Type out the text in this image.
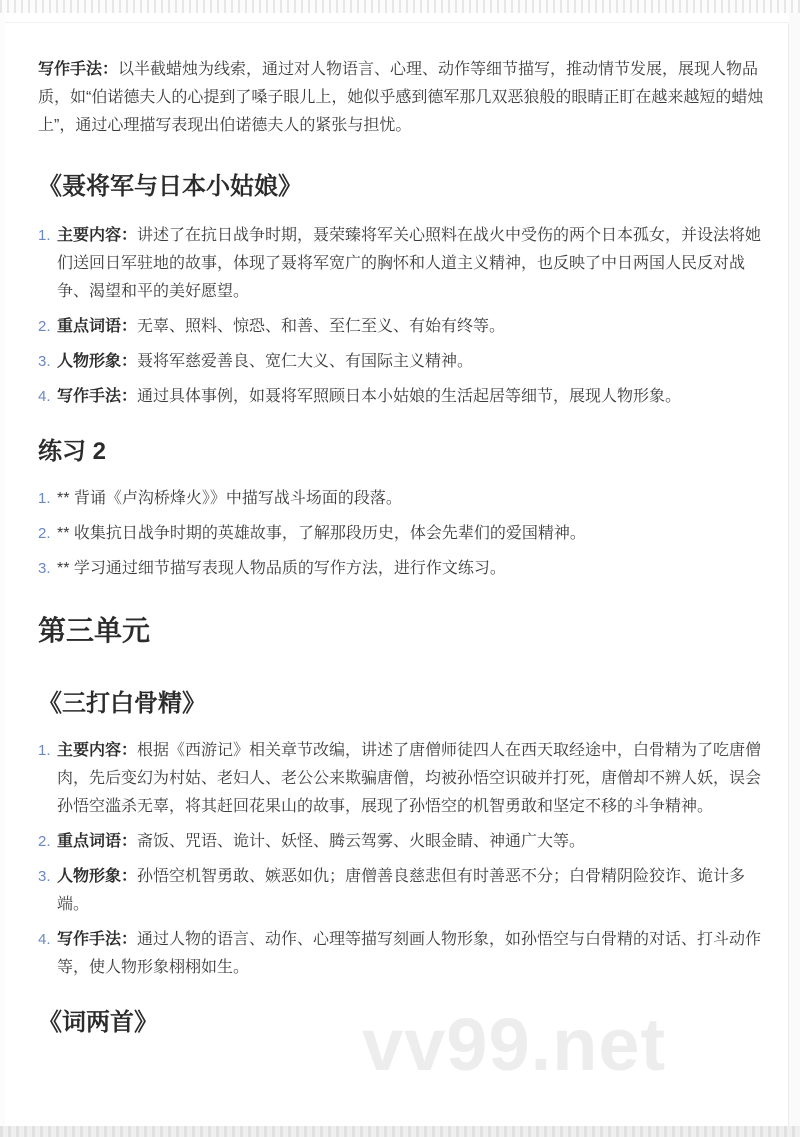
写作手法：以半截蜡烛为线索，通过对人物语言、心理、动作等细节描写，推动情节发展，展现人物品质，如“伯诺德夫人的心提到了嗓子眼儿上，她似乎感到德军那几双恶狼般的眼睛正盯在越来越短的蜡烛上”，通过心理描写表现出伯诺德夫人的紧张与担忧。

《聂将军与日本小姑娘》
1. 主要内容：讲述了在抗日战争时期，聂荣臻将军关心照料在战火中受伤的两个日本孤女，并设法将她们送回日军驻地的故事，体现了聂将军宽广的胸怀和人道主义精神，也反映了中日两国人民反对战争、渴望和平的美好愿望。
2. 重点词语：无辜、照料、惊恐、和善、至仁至义、有始有终等。
3. 人物形象：聂将军慈爱善良、宽仁大义、有国际主义精神。
4. 写作手法：通过具体事例，如聂将军照顾日本小姑娘的生活起居等细节，展现人物形象。
练习 2
1. ** 背诵《卢沟桥烽火》》中描写战斗场面的段落。
2. ** 收集抗日战争时期的英雄故事，了解那段历史，体会先辈们的爱国精神。
3. ** 学习通过细节描写表现人物品质的写作方法，进行作文练习。
第三单元
《三打白骨精》
1. 主要内容：根据《西游记》相关章节改编，讲述了唐僧师徒四人在西天取经途中，白骨精为了吃唐僧肉，先后变幻为村姑、老妇人、老公公来欺骗唐僧，均被孙悟空识破并打死，唐僧却不辨人妖，误会孙悟空滥杀无辜，将其赶回花果山的故事，展现了孙悟空的机智勇敢和坚定不移的斗争精神。
2. 重点词语：斋饭、咒语、诡计、妖怪、腾云驾雾、火眼金睛、神通广大等。
3. 人物形象：孙悟空机智勇敢、嫉恶如仇；唐僧善良慈悲但有时善恶不分；白骨精阴险狡诈、诡计多端。
4. 写作手法：通过人物的语言、动作、心理等描写刻画人物形象，如孙悟空与白骨精的对话、打斗动作等，使人物形象栩栩如生。
《词两首》	vv99.net
